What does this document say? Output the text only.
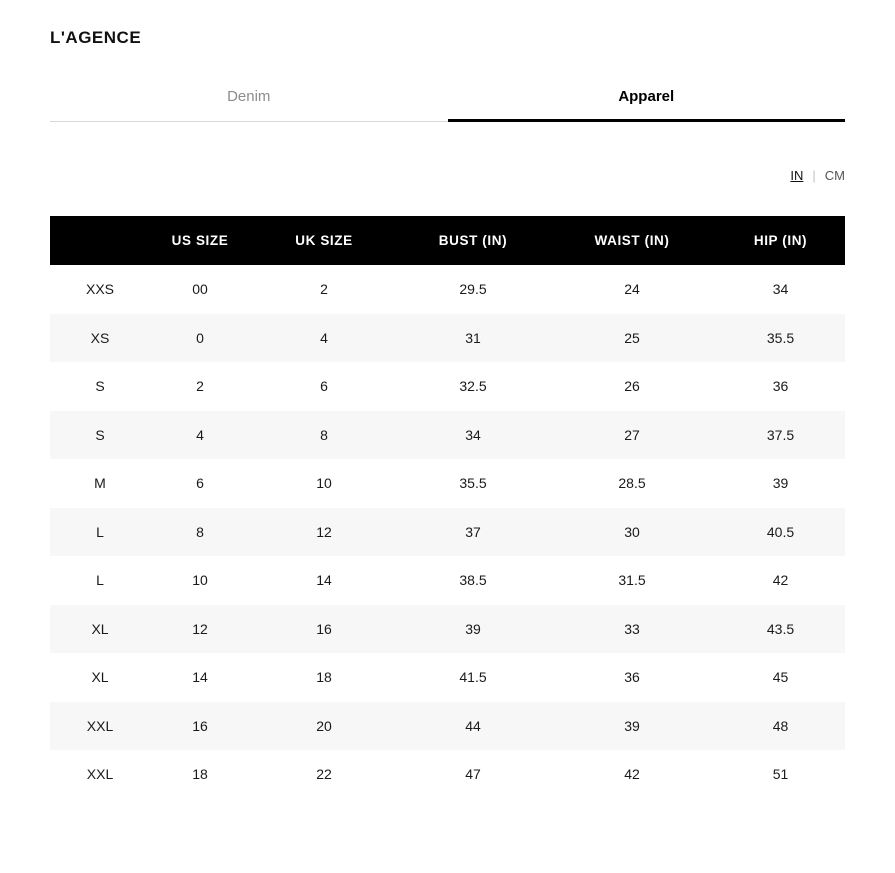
L'AGENCE
Denim	Apparel
IN | CM
	US SIZE	UK SIZE	BUST (IN)	WAIST (IN)	HIP (IN)
XXS	00	2	29.5	24	34
XS	0	4	31	25	35.5
S	2	6	32.5	26	36
S	4	8	34	27	37.5
M	6	10	35.5	28.5	39
L	8	12	37	30	40.5
L	10	14	38.5	31.5	42
XL	12	16	39	33	43.5
XL	14	18	41.5	36	45
XXL	16	20	44	39	48
XXL	18	22	47	42	51
